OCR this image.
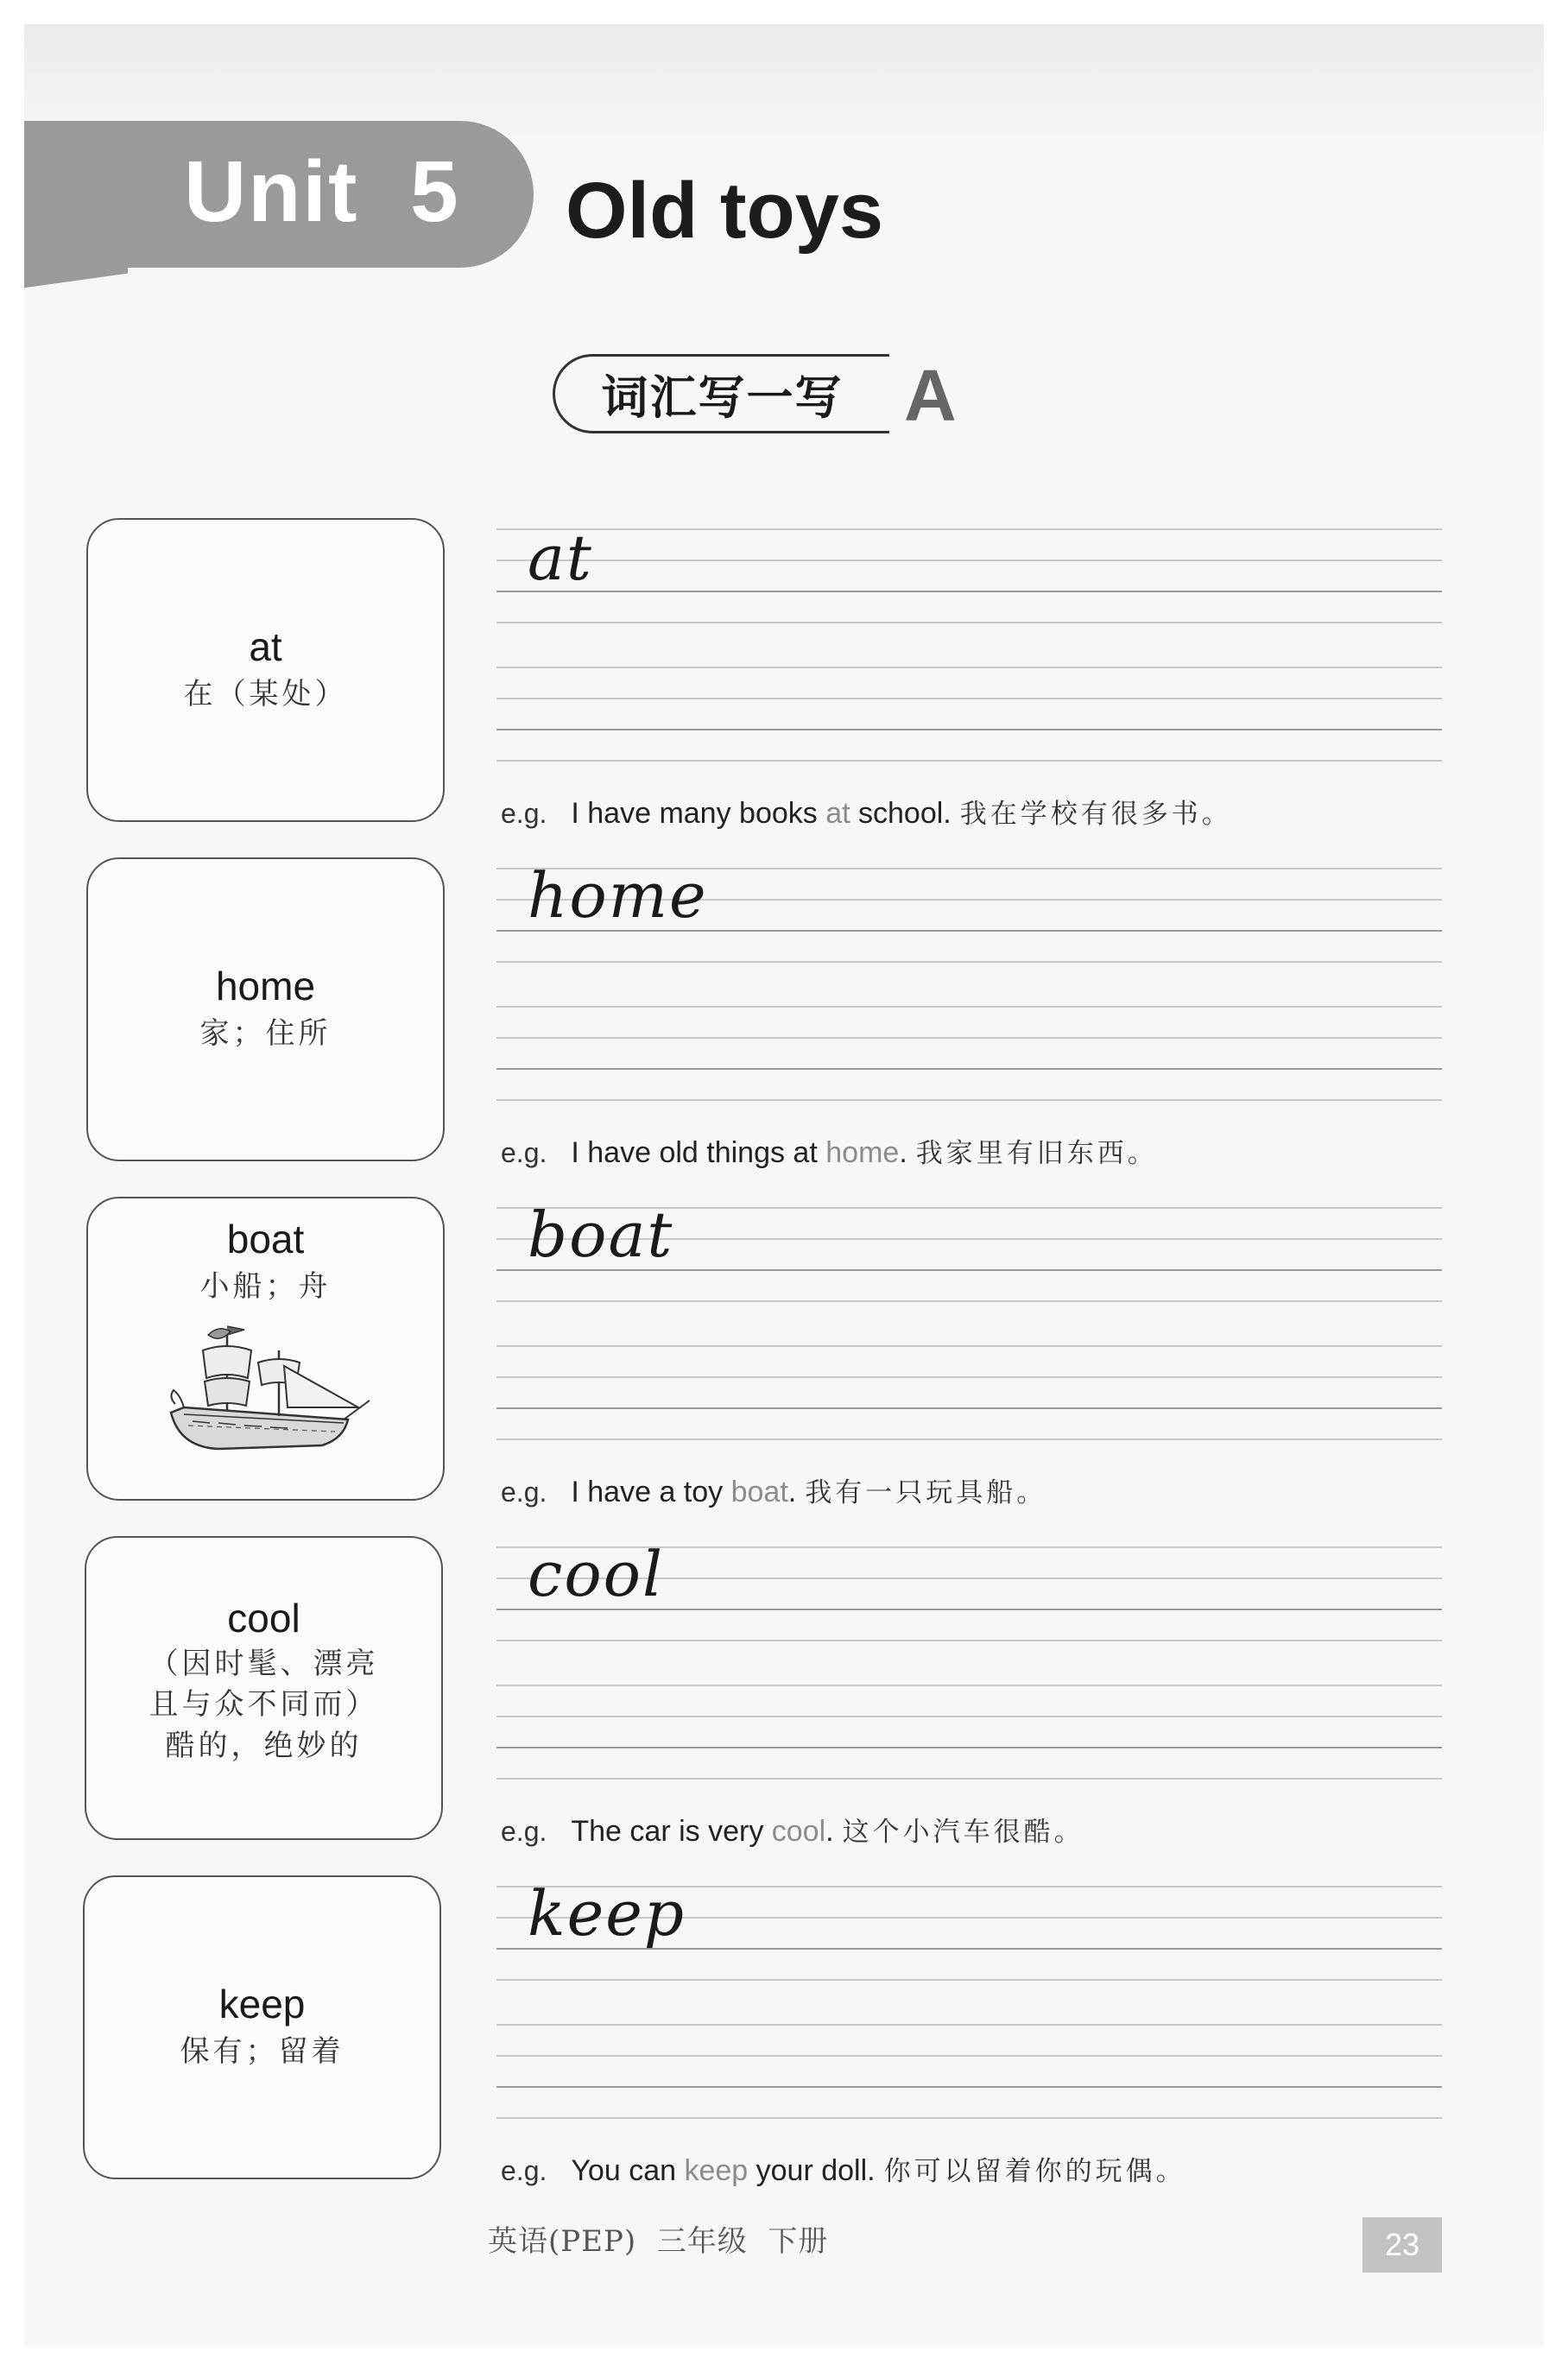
Unit  5 Old toys
词汇写一写 A
at
在（某处）
at
e.g. I have many books at school. 我在学校有很多书。
home
家；住所
home
e.g. I have old things at home. 我家里有旧东西。
boat
小船；舟
boat
e.g. I have a toy boat. 我有一只玩具船。
cool
（因时髦、漂亮
且与众不同而）
酷的，绝妙的
cool
e.g. The car is very cool. 这个小汽车很酷。
keep
保有；留着
keep
e.g. You can keep your doll. 你可以留着你的玩偶。
英语(PEP)  三年级  下册	23
